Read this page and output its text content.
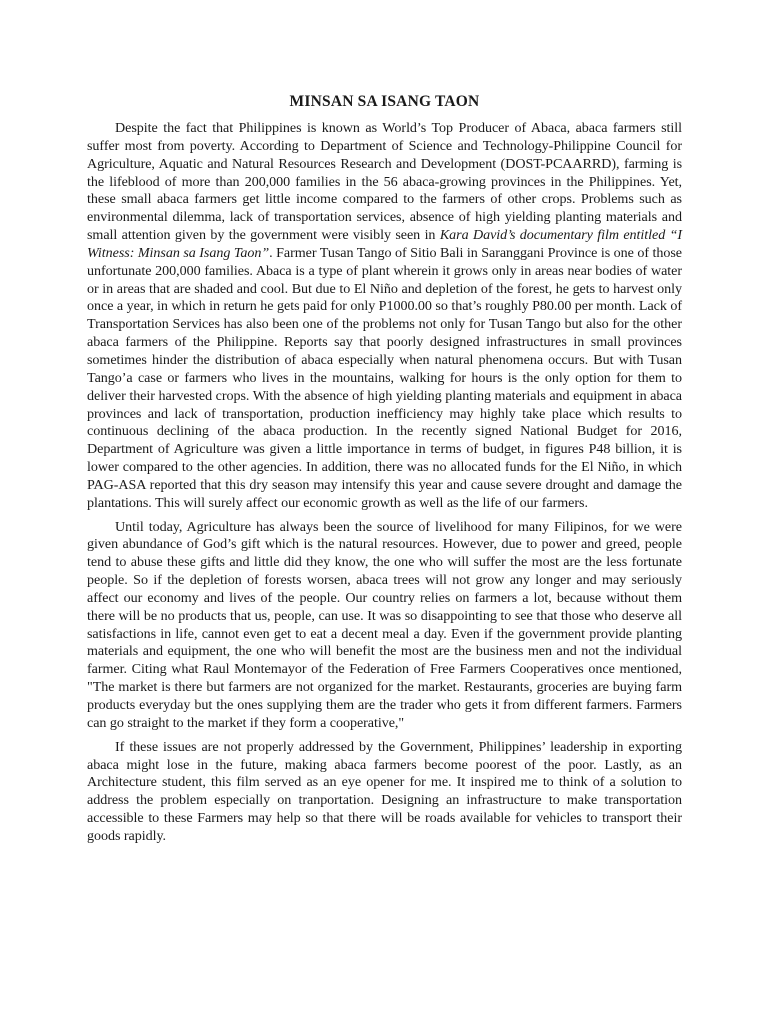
MINSAN SA ISANG TAON

Despite the fact that Philippines is known as World’s Top Producer of Abaca, abaca farmers still suffer most from poverty. According to Department of Science and Technology-Philippine Council for Agriculture, Aquatic and Natural Resources Research and Development (DOST-PCAARRD), farming is the lifeblood of more than 200,000 families in the 56 abaca-growing provinces in the Philippines. Yet, these small abaca farmers get little income compared to the farmers of other crops. Problems such as environmental dilemma, lack of transportation services, absence of high yielding planting materials and small attention given by the government were visibly seen in Kara David’s documentary film entitled “I Witness: Minsan sa Isang Taon”. Farmer Tusan Tango of Sitio Bali in Saranggani Province is one of those unfortunate 200,000 families. Abaca is a type of plant wherein it grows only in areas near bodies of water or in areas that are shaded and cool. But due to El Niño and depletion of the forest, he gets to harvest only once a year, in which in return he gets paid for only P1000.00 so that’s roughly P80.00 per month. Lack of Transportation Services has also been one of the problems not only for Tusan Tango but also for the other abaca farmers of the Philippine. Reports say that poorly designed infrastructures in small provinces sometimes hinder the distribution of abaca especially when natural phenomena occurs. But with Tusan Tango’a case or farmers who lives in the mountains, walking for hours is the only option for them to deliver their harvested crops. With the absence of high yielding planting materials and equipment in abaca provinces and lack of transportation, production inefficiency may highly take place which results to continuous declining of the abaca production. In the recently signed National Budget for 2016, Department of Agriculture was given a little importance in terms of budget, in figures P48 billion, it is lower compared to the other agencies. In addition, there was no allocated funds for the El Niño, in which PAG-ASA reported that this dry season may intensify this year and cause severe drought and damage the plantations. This will surely affect our economic growth as well as the life of our farmers.

Until today, Agriculture has always been the source of livelihood for many Filipinos, for we were given abundance of God’s gift which is the natural resources. However, due to power and greed, people tend to abuse these gifts and little did they know, the one who will suffer the most are the less fortunate people. So if the depletion of forests worsen, abaca trees will not grow any longer and may seriously affect our economy and lives of the people. Our country relies on farmers a lot, because without them there will be no products that us, people, can use. It was so disappointing to see that those who deserve all satisfactions in life, cannot even get to eat a decent meal a day. Even if the government provide planting materials and equipment, the one who will benefit the most are the business men and not the individual farmer. Citing what Raul Montemayor of the Federation of Free Farmers Cooperatives once mentioned, "The market is there but farmers are not organized for the market. Restaurants, groceries are buying farm products everyday but the ones supplying them are the trader who gets it from different farmers. Farmers can go straight to the market if they form a cooperative,"

If these issues are not properly addressed by the Government, Philippines’ leadership in exporting abaca might lose in the future, making abaca farmers become poorest of the poor. Lastly, as an Architecture student, this film served as an eye opener for me. It inspired me to think of a solution to address the problem especially on tranportation. Designing an infrastructure to make transportation accessible to these Farmers may help so that there will be roads available for vehicles to transport their goods rapidly.
